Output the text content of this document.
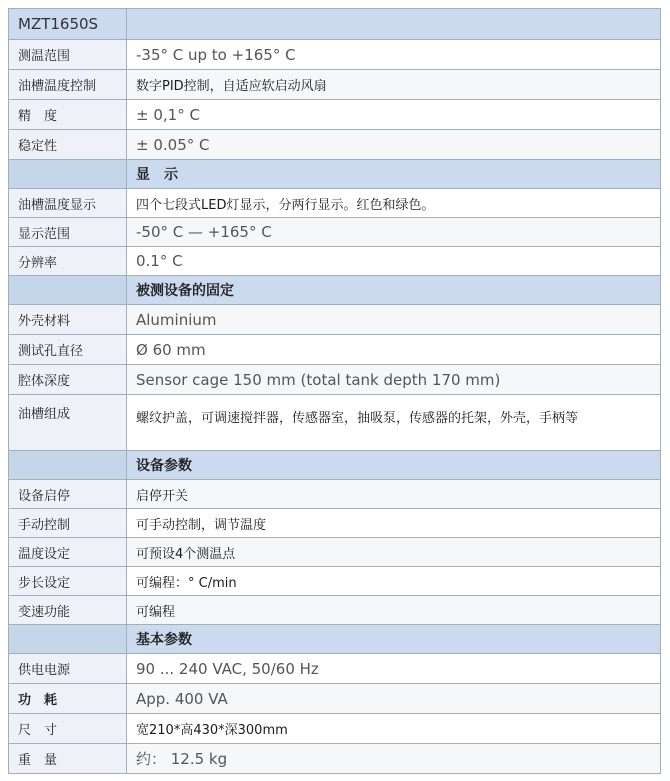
MZT1650S	
测温范围	-35° C up to +165° C
油槽温度控制	数字PID控制，自适应软启动风扇
精　度	± 0,1° C
稳定性	± 0.05° C
	显　示
油槽温度显示	四个七段式LED灯显示，分两行显示。红色和绿色。
显示范围	-50° C — +165° C
分辨率	0.1° C
	被测设备的固定
外壳材料	Aluminium
测试孔直径	Ø 60 mm
腔体深度	Sensor cage 150 mm (total tank depth 170 mm)
油槽组成	螺纹护盖，可调速搅拌器，传感器室，抽吸泵，传感器的托架，外壳，手柄等
	设备参数
设备启停	启停开关
手动控制	可手动控制，调节温度
温度设定	可预设4个测温点
步长设定	可编程：° C/min
变速功能	可编程
	基本参数
供电电源	90 ... 240 VAC, 50/60 Hz
功　耗	App. 400 VA
尺　寸	宽210*高430*深300mm
重　量	约： 12.5 kg
